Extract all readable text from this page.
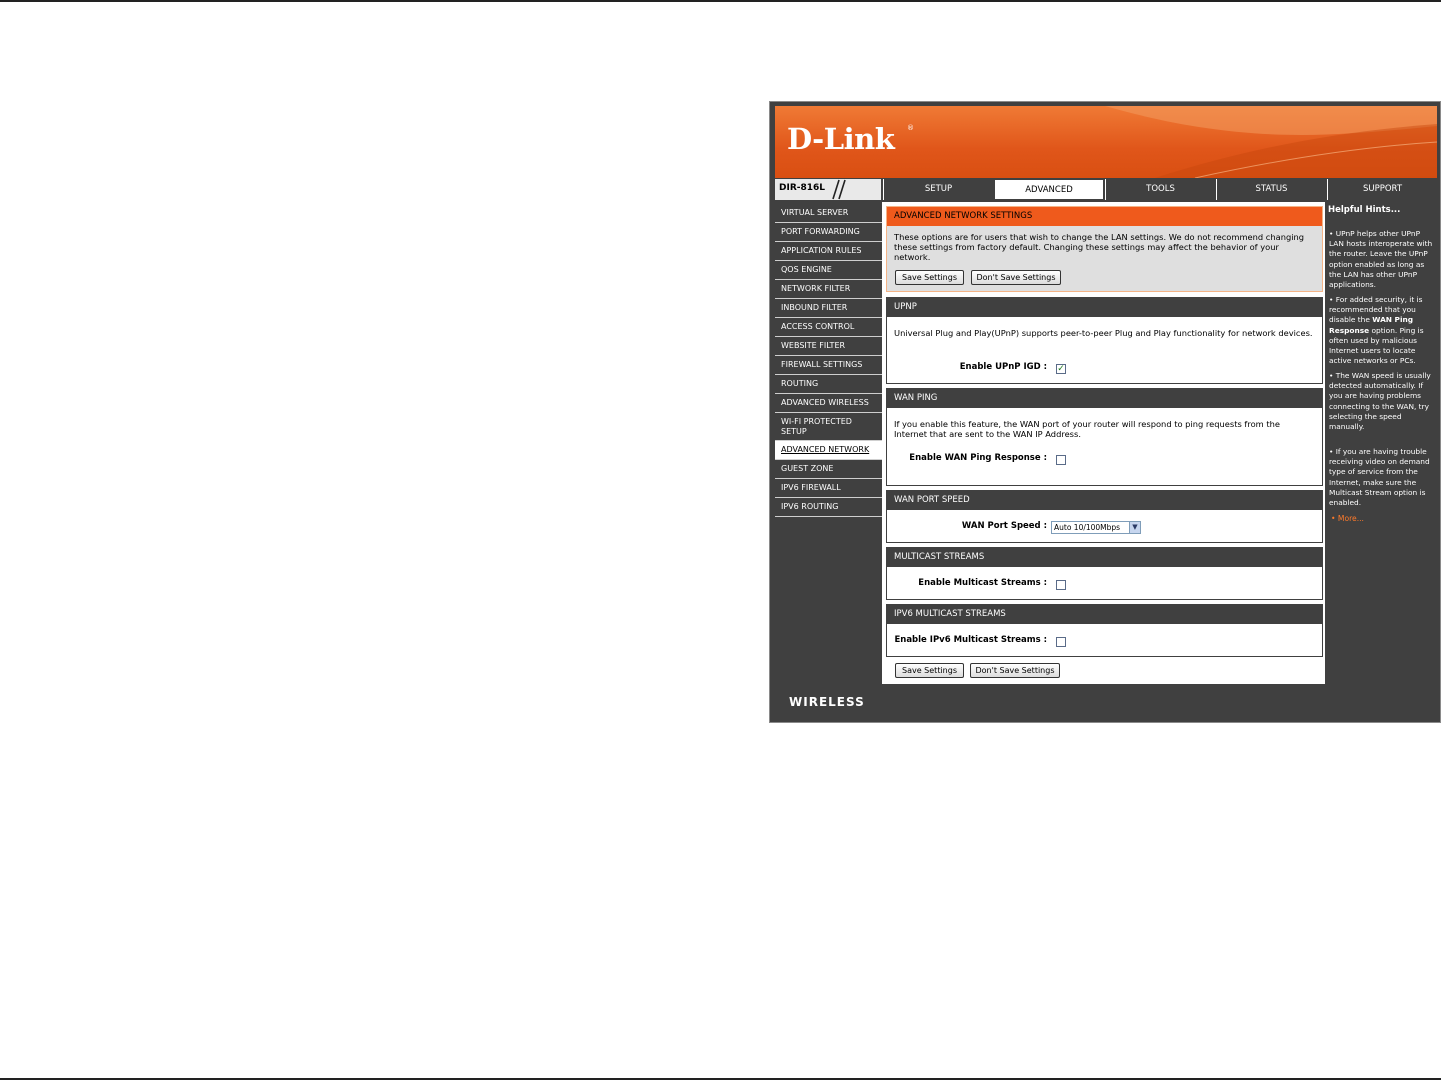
D-Link ®
DIR-816L	SETUP	ADVANCED	TOOLS	STATUS	SUPPORT
VIRTUAL SERVER
PORT FORWARDING
APPLICATION RULES
QOS ENGINE
NETWORK FILTER
INBOUND FILTER
ACCESS CONTROL
WEBSITE FILTER
FIREWALL SETTINGS
ROUTING
ADVANCED WIRELESS
WI-FI PROTECTED SETUP
ADVANCED NETWORK
GUEST ZONE
IPV6 FIREWALL
IPV6 ROUTING
ADVANCED NETWORK SETTINGS
These options are for users that wish to change the LAN settings. We do not recommend changing these settings from factory default. Changing these settings may affect the behavior of your network.
Save Settings	Don't Save Settings
UPNP
Universal Plug and Play(UPnP) supports peer-to-peer Plug and Play functionality for network devices.
Enable UPnP IGD : ✓
WAN PING
If you enable this feature, the WAN port of your router will respond to ping requests from the Internet that are sent to the WAN IP Address.
Enable WAN Ping Response :
WAN PORT SPEED
WAN Port Speed : Auto 10/100Mbps	▼
MULTICAST STREAMS
Enable Multicast Streams :
IPV6 MULTICAST STREAMS
Enable IPv6 Multicast Streams :
Save Settings	Don't Save Settings
Helpful Hints...
• UPnP helps other UPnP LAN hosts interoperate with the router. Leave the UPnP option enabled as long as the LAN has other UPnP applications.
• For added security, it is recommended that you disable the WAN Ping Response option. Ping is often used by malicious Internet users to locate active networks or PCs.
• The WAN speed is usually detected automatically. If you are having problems connecting to the WAN, try selecting the speed manually.
• If you are having trouble receiving video on demand type of service from the Internet, make sure the Multicast Stream option is enabled.
• More...
WIRELESS
